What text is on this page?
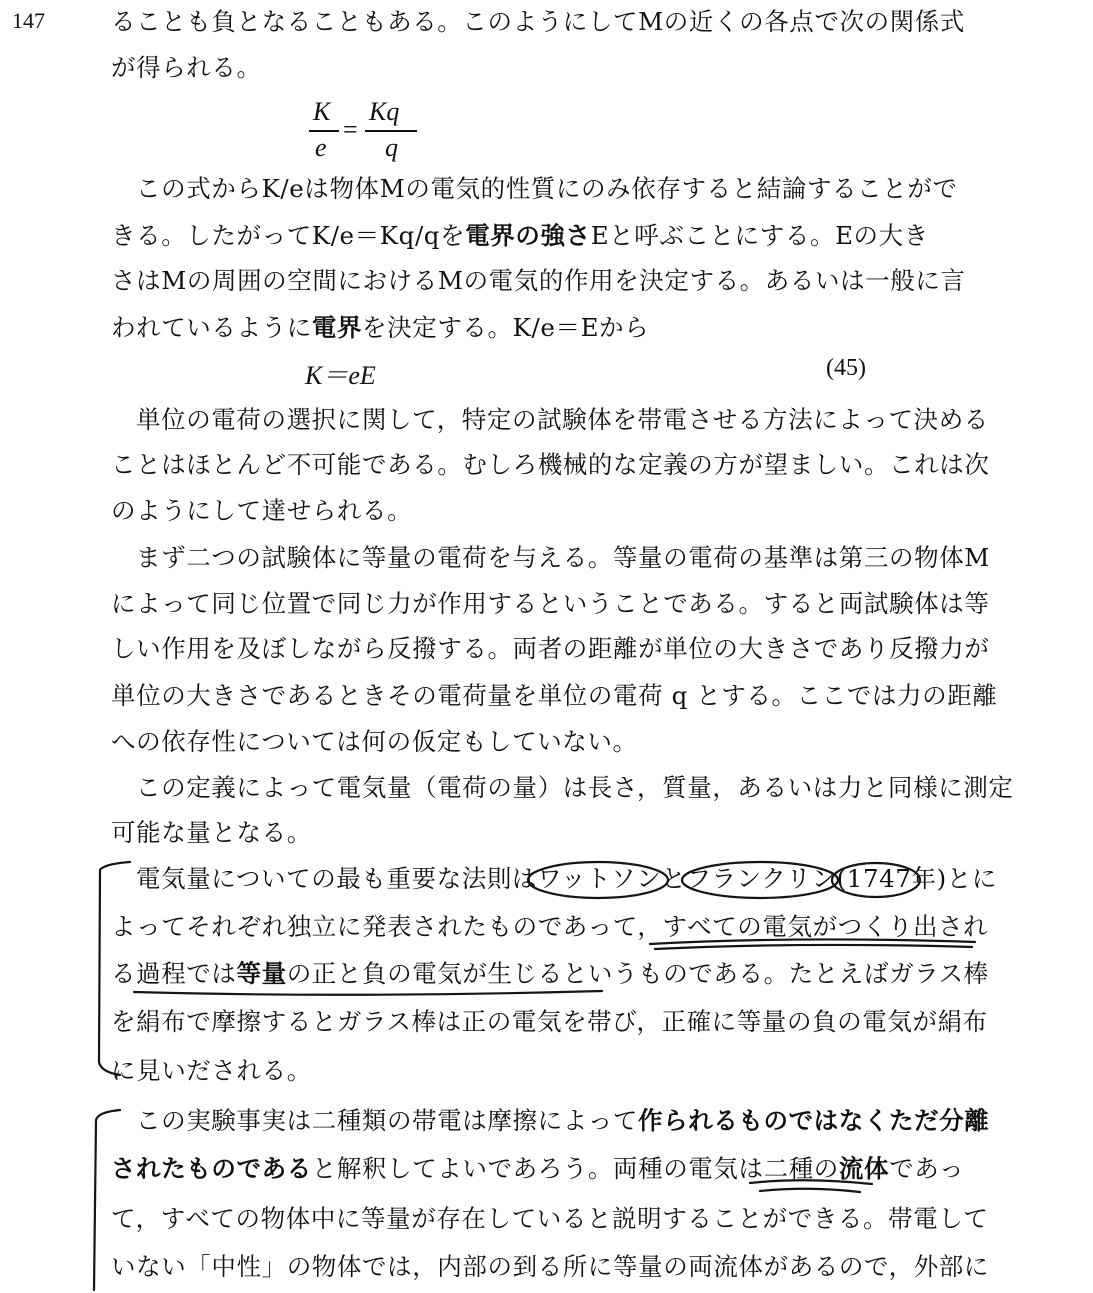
147	ることも負となることもある。このようにしてMの近くの各点で次の関係式
が得られる。
K
e
=
Kq
q
この式からK/eは物体Mの電気的性質にのみ依存すると結論することがで
きる。したがってK/e＝Kq/qを電界の強さEと呼ぶことにする。Eの大き
さはMの周囲の空間におけるMの電気的作用を決定する。あるいは一般に言
われているように電界を決定する。K/e＝Eから
K＝eE	(45)
単位の電荷の選択に関して，特定の試験体を帯電させる方法によって決める
ことはほとんど不可能である。むしろ機械的な定義の方が望ましい。これは次
のようにして達せられる。
まず二つの試験体に等量の電荷を与える。等量の電荷の基準は第三の物体M
によって同じ位置で同じ力が作用するということである。すると両試験体は等
しい作用を及ぼしながら反撥する。両者の距離が単位の大きさであり反撥力が
単位の大きさであるときその電荷量を単位の電荷 q とする。ここでは力の距離
への依存性については何の仮定もしていない。
この定義によって電気量（電荷の量）は長さ，質量，あるいは力と同様に測定
可能な量となる。
電気量についての最も重要な法則はワットソンとフランクリン(1747年)とに
よってそれぞれ独立に発表されたものであって，すべての電気がつくり出され
る過程では等量の正と負の電気が生じるというものである。たとえばガラス棒
を絹布で摩擦するとガラス棒は正の電気を帯び，正確に等量の負の電気が絹布
に見いだされる。
この実験事実は二種類の帯電は摩擦によって作られるものではなくただ分離
されたものであると解釈してよいであろう。両種の電気は二種の流体であっ
て，すべての物体中に等量が存在していると説明することができる。帯電して
いない「中性」の物体では，内部の到る所に等量の両流体があるので，外部に
